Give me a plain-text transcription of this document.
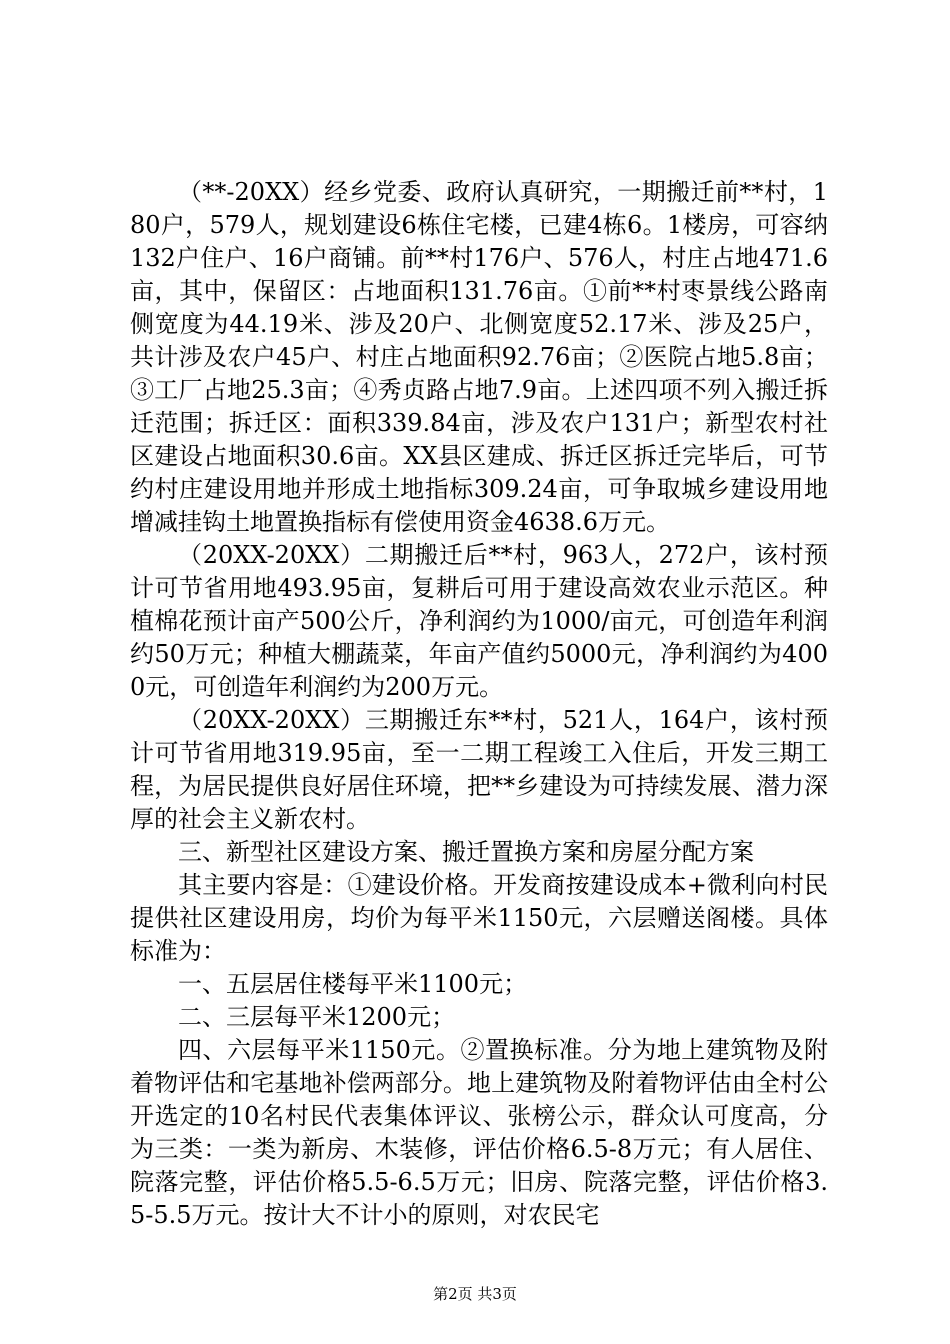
（**-20XX）经乡党委、政府认真研究，一期搬迁前**村，180户，579人，规划建设6栋住宅楼，已建4栋6。1楼房，可容纳132户住户、16户商铺。前**村176户、576人，村庄占地471.6亩，其中，保留区：占地面积131.76亩。①前**村枣景线公路南侧宽度为44.19米、涉及20户、北侧宽度52.17米、涉及25户，共计涉及农户45户、村庄占地面积92.76亩；②医院占地5.8亩；③工厂占地25.3亩；④秀贞路占地7.9亩。上述四项不列入搬迁拆迁范围；拆迁区：面积339.84亩，涉及农户131户；新型农村社区建设占地面积30.6亩。XX县区建成、拆迁区拆迁完毕后，可节约村庄建设用地并形成土地指标309.24亩，可争取城乡建设用地增减挂钩土地置换指标有偿使用资金4638.6万元。

（20XX-20XX）二期搬迁后**村，963人，272户，该村预计可节省用地493.95亩，复耕后可用于建设高效农业示范区。种植棉花预计亩产500公斤，净利润约为1000/亩元，可创造年利润约50万元；种植大棚蔬菜，年亩产值约5000元，净利润约为4000元，可创造年利润约为200万元。

（20XX-20XX）三期搬迁东**村，521人，164户，该村预计可节省用地319.95亩，至一二期工程竣工入住后，开发三期工程，为居民提供良好居住环境，把**乡建设为可持续发展、潜力深厚的社会主义新农村。

三、新型社区建设方案、搬迁置换方案和房屋分配方案

其主要内容是：①建设价格。开发商按建设成本+微利向村民提供社区建设用房，均价为每平米1150元，六层赠送阁楼。具体标准为：

一、五层居住楼每平米1100元；

二、三层每平米1200元；

四、六层每平米1150元。②置换标准。分为地上建筑物及附着物评估和宅基地补偿两部分。地上建筑物及附着物评估由全村公开选定的10名村民代表集体评议、张榜公示，群众认可度高，分为三类：一类为新房、木装修，评估价格6.5-8万元；有人居住、院落完整，评估价格5.5-6.5万元；旧房、院落完整，评估价格3.5-5.5万元。按计大不计小的原则，对农民宅

第2页 共3页
